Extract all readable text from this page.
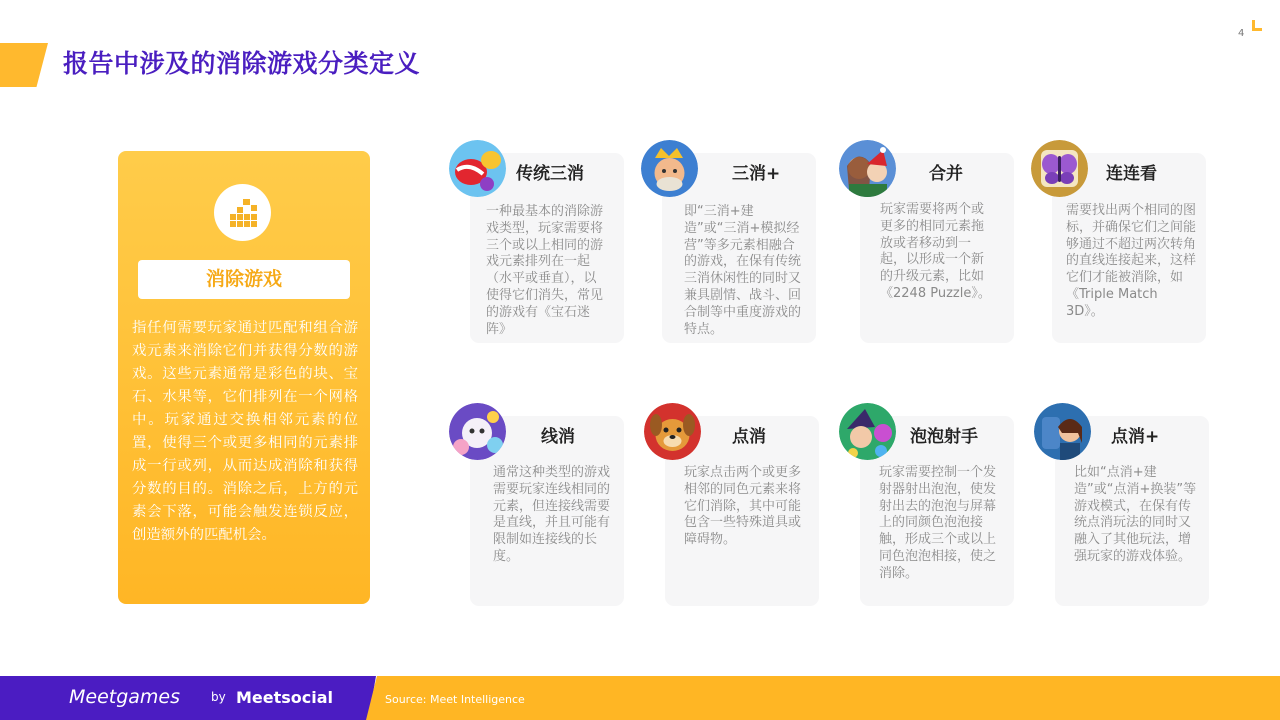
报告中涉及的消除游戏分类定义
4
消除游戏
指任何需要玩家通过匹配和组合游戏元素来消除它们并获得分数的游戏。这些元素通常是彩色的块、宝石、水果等，它们排列在一个网格中。玩家通过交换相邻元素的位置，使得三个或更多相同的元素排成一行或列，从而达成消除和获得分数的目的。消除之后，上方的元素会下落，可能会触发连锁反应，创造额外的匹配机会。
传统三消
一种最基本的消除游戏类型，玩家需要将三个或以上相同的游戏元素排列在一起（水平或垂直），以使得它们消失，常见的游戏有《宝石迷阵》
三消+
即“三消+建造”或“三消+模拟经营”等多元素相融合的游戏，在保有传统三消休闲性的同时又兼具剧情、战斗、回合制等中重度游戏的特点。
合并
玩家需要将两个或更多的相同元素拖放或者移动到一起，以形成一个新的升级元素，比如《2248 Puzzle》。
连连看
需要找出两个相同的图标，并确保它们之间能够通过不超过两次转角的直线连接起来，这样它们才能被消除，如《Triple Match 3D》。
线消
通常这种类型的游戏需要玩家连线相同的元素，但连接线需要是直线，并且可能有限制如连接线的长度。
点消
玩家点击两个或更多相邻的同色元素来将它们消除，其中可能包含一些特殊道具或障碍物。
泡泡射手
玩家需要控制一个发射器射出泡泡，使发射出去的泡泡与屏幕上的同颜色泡泡接触，形成三个或以上同色泡泡相接，使之消除。
点消+
比如“点消+建造”或“点消+换装”等游戏模式，在保有传统点消玩法的同时又融入了其他玩法，增强玩家的游戏体验。
Meetgames	by Meetsocial	Source: Meet Intelligence
